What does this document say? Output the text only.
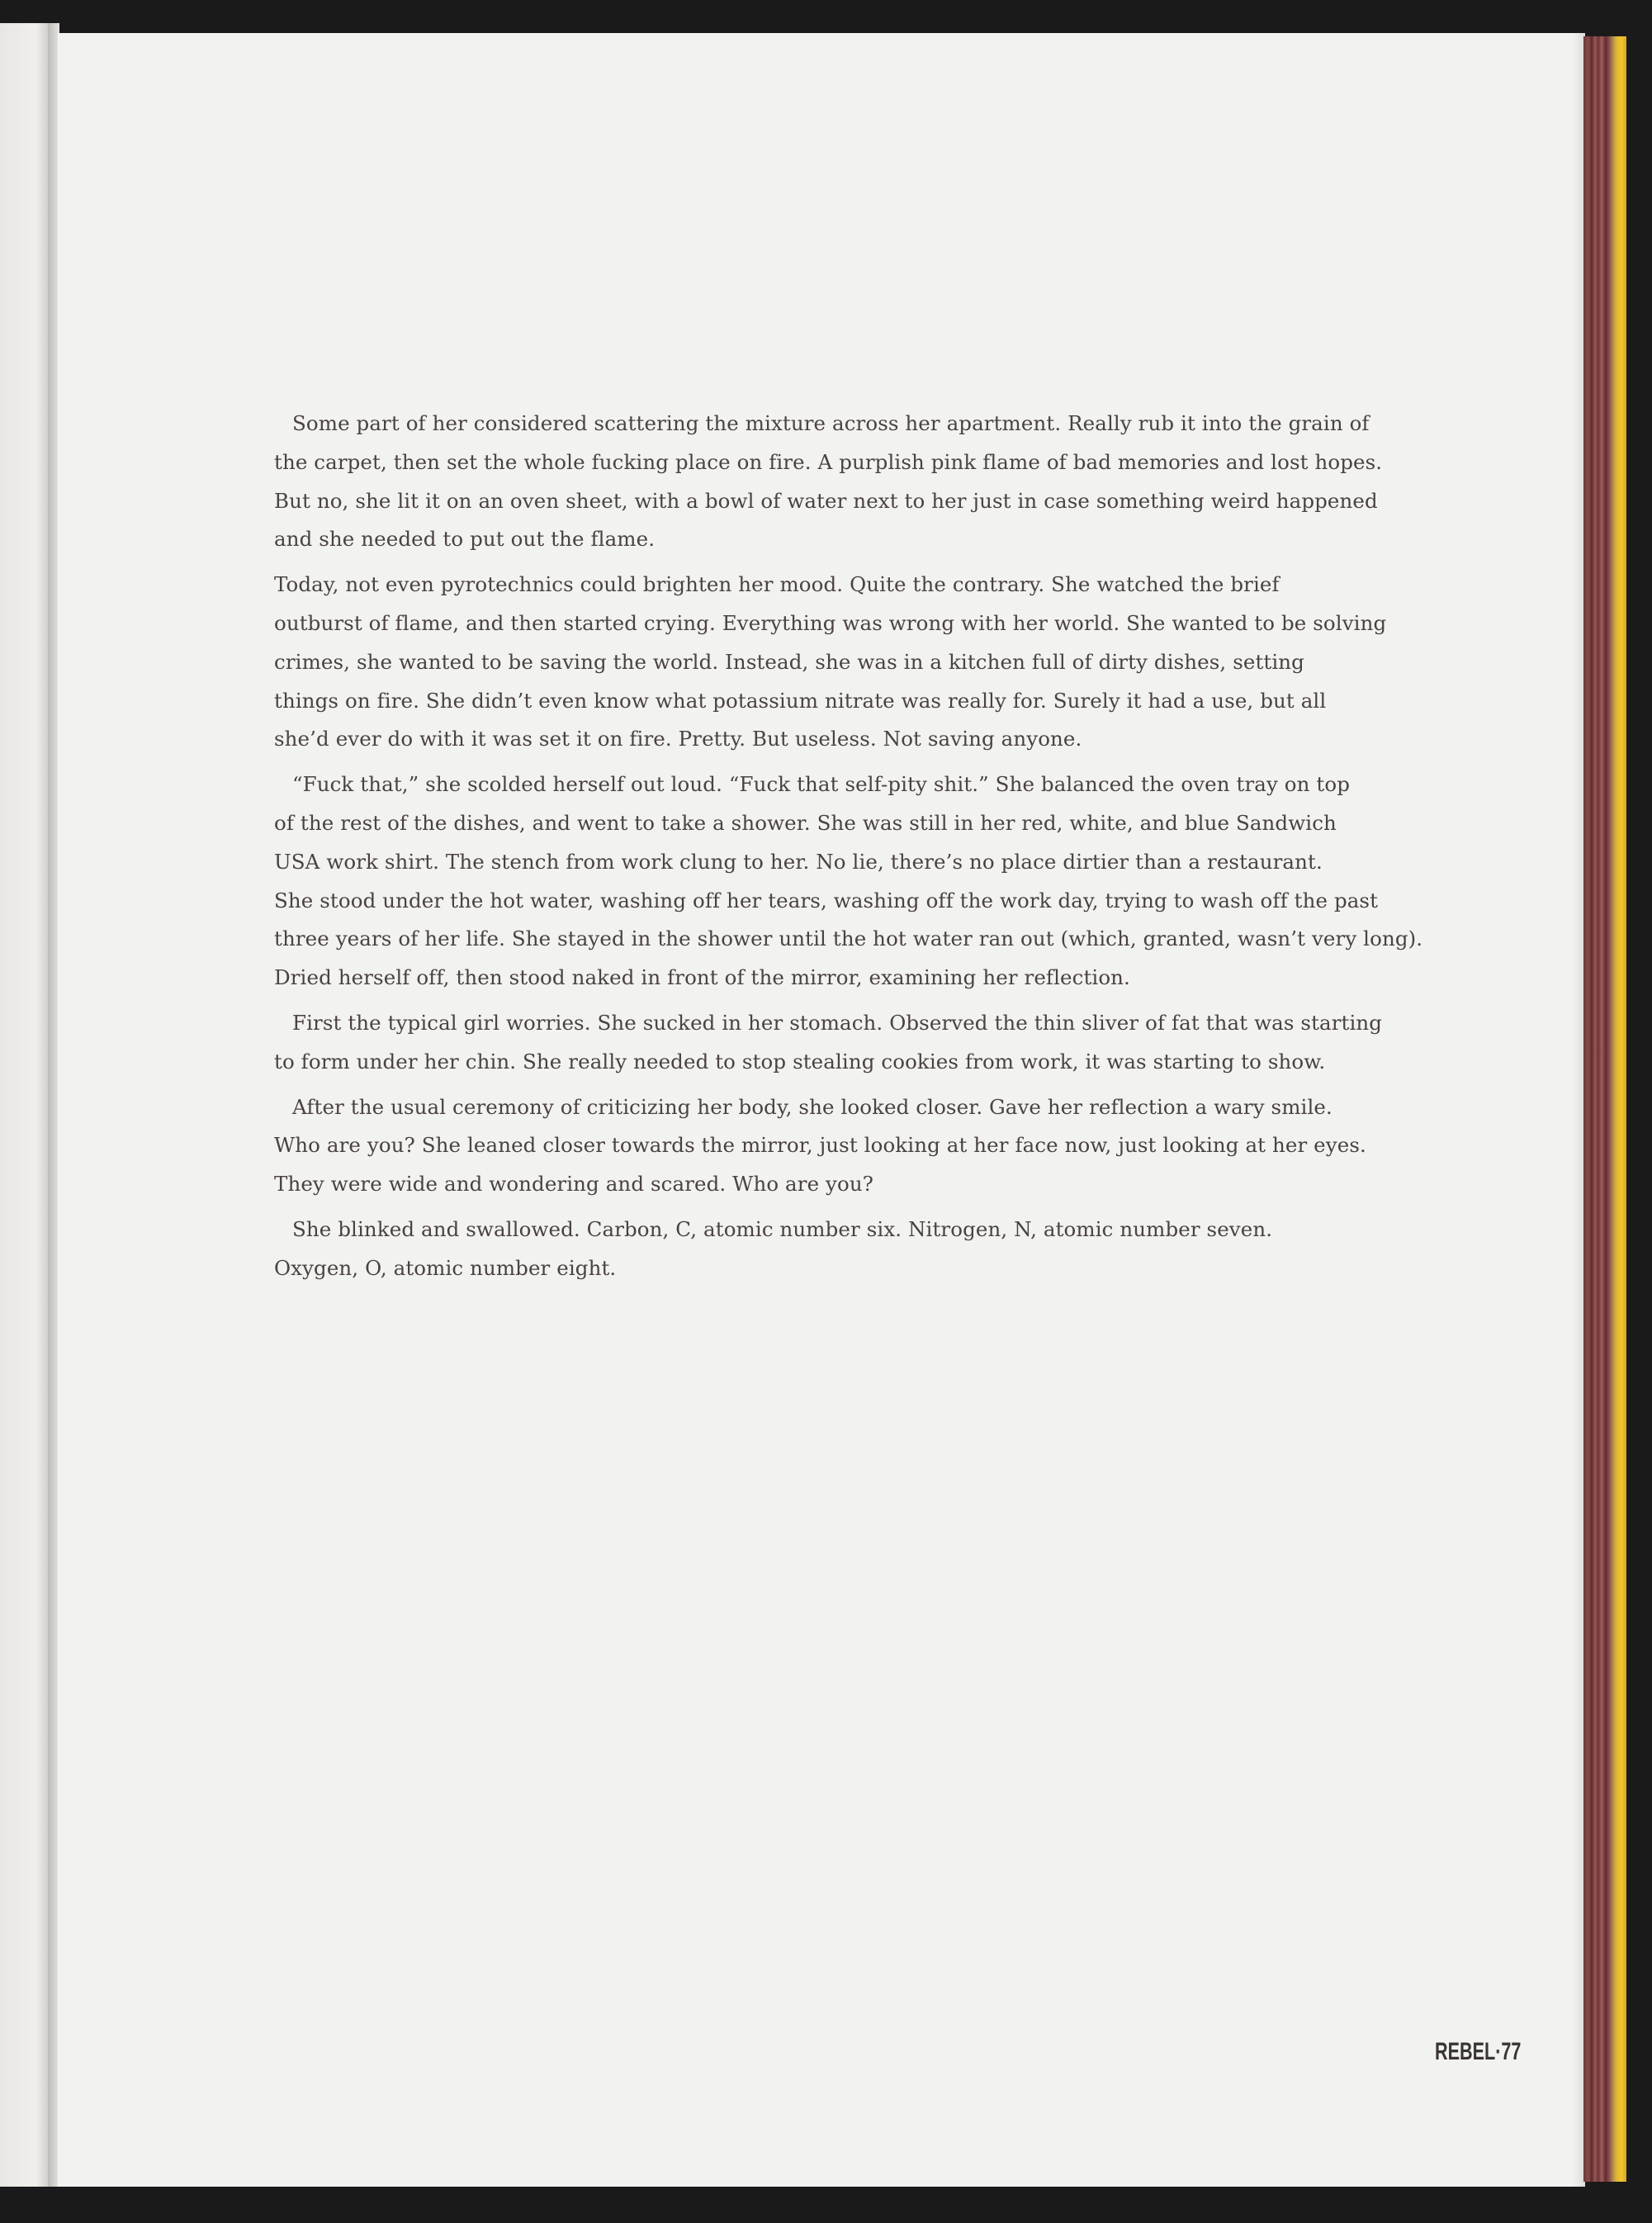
Some part of her considered scattering the mixture across her apartment. Really rub it into the grain of
the carpet, then set the whole fucking place on fire. A purplish pink flame of bad memories and lost hopes.
But no, she lit it on an oven sheet, with a bowl of water next to her just in case something weird happened
and she needed to put out the flame.

Today, not even pyrotechnics could brighten her mood. Quite the contrary. She watched the brief
outburst of flame, and then started crying. Everything was wrong with her world. She wanted to be solving
crimes, she wanted to be saving the world. Instead, she was in a kitchen full of dirty dishes, setting
things on fire. She didn’t even know what potassium nitrate was really for. Surely it had a use, but all
she’d ever do with it was set it on fire. Pretty. But useless. Not saving anyone.

“Fuck that,” she scolded herself out loud. “Fuck that self-pity shit.” She balanced the oven tray on top
of the rest of the dishes, and went to take a shower. She was still in her red, white, and blue Sandwich
USA work shirt. The stench from work clung to her. No lie, there’s no place dirtier than a restaurant.
She stood under the hot water, washing off her tears, washing off the work day, trying to wash off the past
three years of her life. She stayed in the shower until the hot water ran out (which, granted, wasn’t very long).
Dried herself off, then stood naked in front of the mirror, examining her reflection.

First the typical girl worries. She sucked in her stomach. Observed the thin sliver of fat that was starting
to form under her chin. She really needed to stop stealing cookies from work, it was starting to show.

After the usual ceremony of criticizing her body, she looked closer. Gave her reflection a wary smile.
Who are you? She leaned closer towards the mirror, just looking at her face now, just looking at her eyes.
They were wide and wondering and scared. Who are you?

She blinked and swallowed. Carbon, C, atomic number six. Nitrogen, N, atomic number seven.
Oxygen, O, atomic number eight.

REBEL·77
